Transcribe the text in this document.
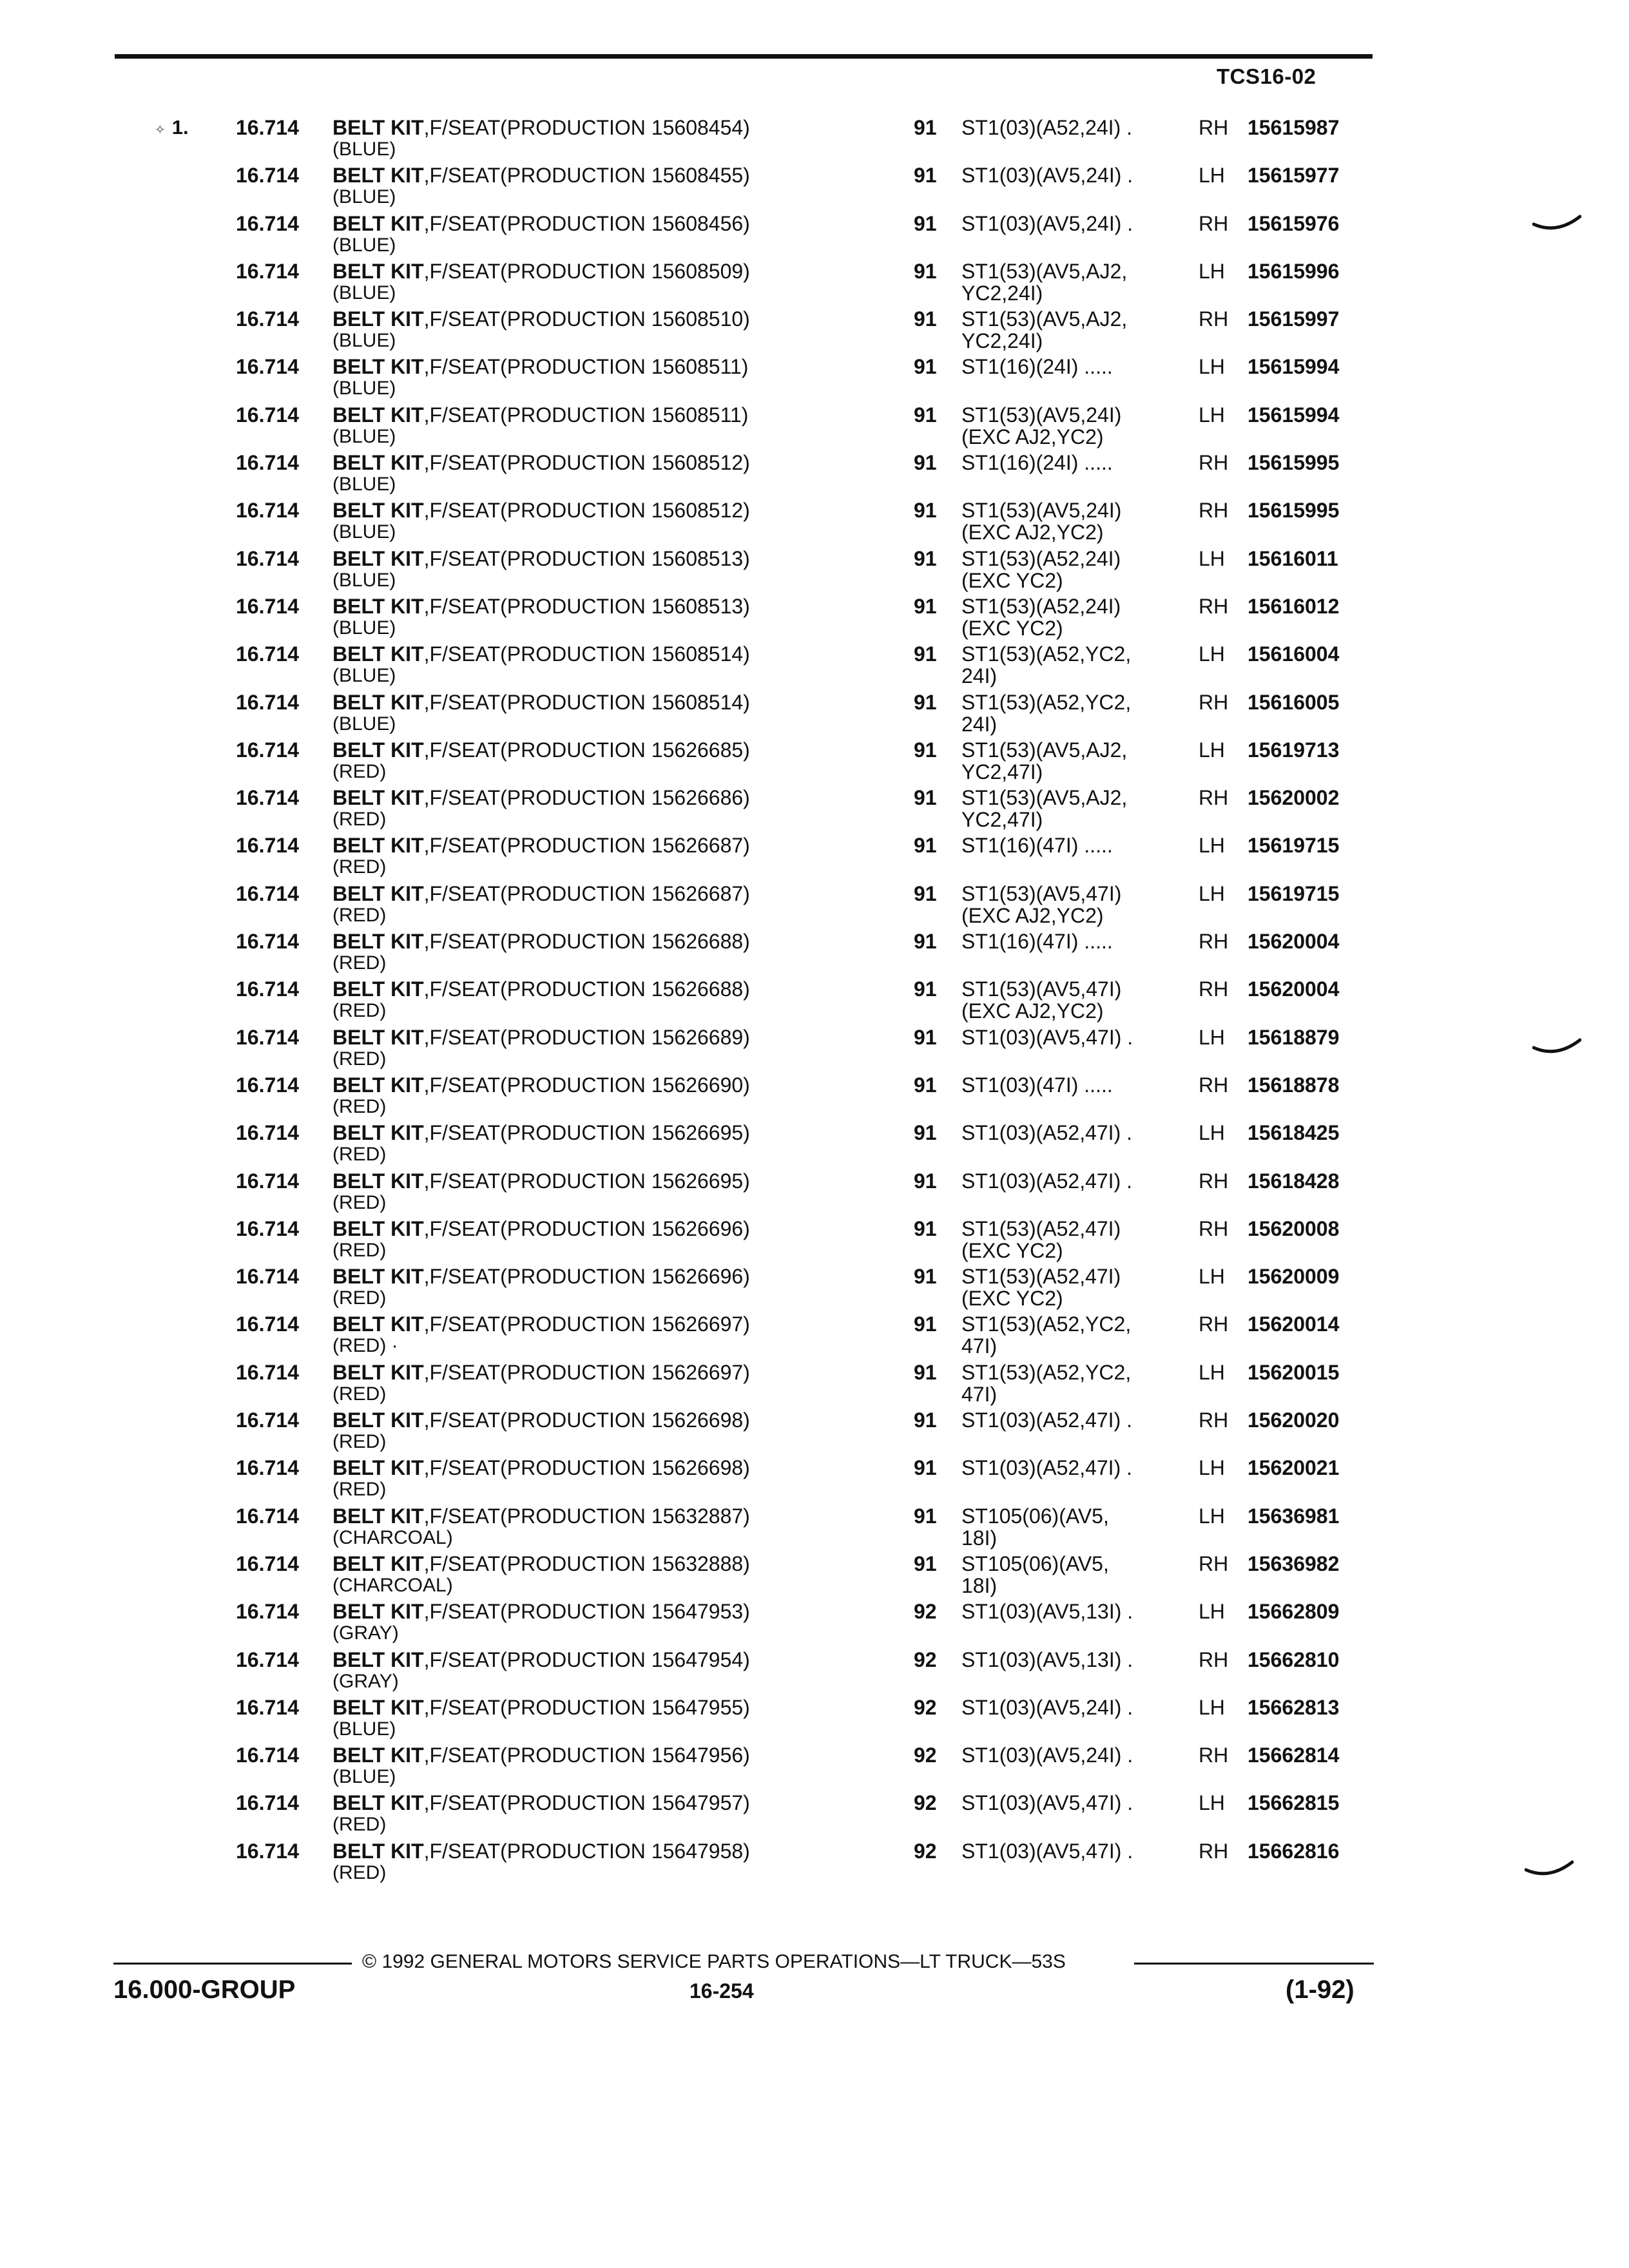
TCS16-02
✧ 1. 16.714 BELT KIT,F/SEAT(PRODUCTION 15608454)
(BLUE)
91 ST1(03)(A52,24I) .	RH 15615987
16.714 BELT KIT,F/SEAT(PRODUCTION 15608455)
(BLUE)
91 ST1(03)(AV5,24I) .	LH 15615977
16.714 BELT KIT,F/SEAT(PRODUCTION 15608456)
(BLUE)
91 ST1(03)(AV5,24I) .	RH 15615976
16.714 BELT KIT,F/SEAT(PRODUCTION 15608509)
(BLUE)
91 ST1(53)(AV5,AJ2,
YC2,24I)
LH 15615996
16.714 BELT KIT,F/SEAT(PRODUCTION 15608510)
(BLUE)
91 ST1(53)(AV5,AJ2,
YC2,24I)
RH 15615997
16.714 BELT KIT,F/SEAT(PRODUCTION 15608511)
(BLUE)
91 ST1(16)(24I) .....	LH 15615994
16.714 BELT KIT,F/SEAT(PRODUCTION 15608511)
(BLUE)
91 ST1(53)(AV5,24I)
(EXC AJ2,YC2)
LH 15615994
16.714 BELT KIT,F/SEAT(PRODUCTION 15608512)
(BLUE)
91 ST1(16)(24I) .....	RH 15615995
16.714 BELT KIT,F/SEAT(PRODUCTION 15608512)
(BLUE)
91 ST1(53)(AV5,24I)
(EXC AJ2,YC2)
RH 15615995
16.714 BELT KIT,F/SEAT(PRODUCTION 15608513)
(BLUE)
91 ST1(53)(A52,24I)
(EXC YC2)
LH 15616011
16.714 BELT KIT,F/SEAT(PRODUCTION 15608513)
(BLUE)
91 ST1(53)(A52,24I)
(EXC YC2)
RH 15616012
16.714 BELT KIT,F/SEAT(PRODUCTION 15608514)
(BLUE)
91 ST1(53)(A52,YC2,
24I)
LH 15616004
16.714 BELT KIT,F/SEAT(PRODUCTION 15608514)
(BLUE)
91 ST1(53)(A52,YC2,
24I)
RH 15616005
16.714 BELT KIT,F/SEAT(PRODUCTION 15626685)
(RED)
91 ST1(53)(AV5,AJ2,
YC2,47I)
LH 15619713
16.714 BELT KIT,F/SEAT(PRODUCTION 15626686)
(RED)
91 ST1(53)(AV5,AJ2,
YC2,47I)
RH 15620002
16.714 BELT KIT,F/SEAT(PRODUCTION 15626687)
(RED)
91 ST1(16)(47I) .....	LH 15619715
16.714 BELT KIT,F/SEAT(PRODUCTION 15626687)
(RED)
91 ST1(53)(AV5,47I)
(EXC AJ2,YC2)
LH 15619715
16.714 BELT KIT,F/SEAT(PRODUCTION 15626688)
(RED)
91 ST1(16)(47I) .....	RH 15620004
16.714 BELT KIT,F/SEAT(PRODUCTION 15626688)
(RED)
91 ST1(53)(AV5,47I)
(EXC AJ2,YC2)
RH 15620004
16.714 BELT KIT,F/SEAT(PRODUCTION 15626689)
(RED)
91 ST1(03)(AV5,47I) .	LH 15618879
16.714 BELT KIT,F/SEAT(PRODUCTION 15626690)
(RED)
91 ST1(03)(47I) .....	RH 15618878
16.714 BELT KIT,F/SEAT(PRODUCTION 15626695)
(RED)
91 ST1(03)(A52,47I) .	LH 15618425
16.714 BELT KIT,F/SEAT(PRODUCTION 15626695)
(RED)
91 ST1(03)(A52,47I) .	RH 15618428
16.714 BELT KIT,F/SEAT(PRODUCTION 15626696)
(RED)
91 ST1(53)(A52,47I)
(EXC YC2)
RH 15620008
16.714 BELT KIT,F/SEAT(PRODUCTION 15626696)
(RED)
91 ST1(53)(A52,47I)
(EXC YC2)
LH 15620009
16.714 BELT KIT,F/SEAT(PRODUCTION 15626697)
(RED) ·
91 ST1(53)(A52,YC2,
47I)
RH 15620014
16.714 BELT KIT,F/SEAT(PRODUCTION 15626697)
(RED)
91 ST1(53)(A52,YC2,
47I)
LH 15620015
16.714 BELT KIT,F/SEAT(PRODUCTION 15626698)
(RED)
91 ST1(03)(A52,47I) .	RH 15620020
16.714 BELT KIT,F/SEAT(PRODUCTION 15626698)
(RED)
91 ST1(03)(A52,47I) .	LH 15620021
16.714 BELT KIT,F/SEAT(PRODUCTION 15632887)
(CHARCOAL)
91 ST105(06)(AV5,
18I)
LH 15636981
16.714 BELT KIT,F/SEAT(PRODUCTION 15632888)
(CHARCOAL)
91 ST105(06)(AV5,
18I)
RH 15636982
16.714 BELT KIT,F/SEAT(PRODUCTION 15647953)
(GRAY)
92 ST1(03)(AV5,13I) .	LH 15662809
16.714 BELT KIT,F/SEAT(PRODUCTION 15647954)
(GRAY)
92 ST1(03)(AV5,13I) .	RH 15662810
16.714 BELT KIT,F/SEAT(PRODUCTION 15647955)
(BLUE)
92 ST1(03)(AV5,24I) .	LH 15662813
16.714 BELT KIT,F/SEAT(PRODUCTION 15647956)
(BLUE)
92 ST1(03)(AV5,24I) .	RH 15662814
16.714 BELT KIT,F/SEAT(PRODUCTION 15647957)
(RED)
92 ST1(03)(AV5,47I) .	LH 15662815
16.714 BELT KIT,F/SEAT(PRODUCTION 15647958)
(RED)
92 ST1(03)(AV5,47I) .	RH 15662816
© 1992 GENERAL MOTORS SERVICE PARTS OPERATIONS—LT TRUCK—53S
16.000-GROUP	16-254	(1-92)
